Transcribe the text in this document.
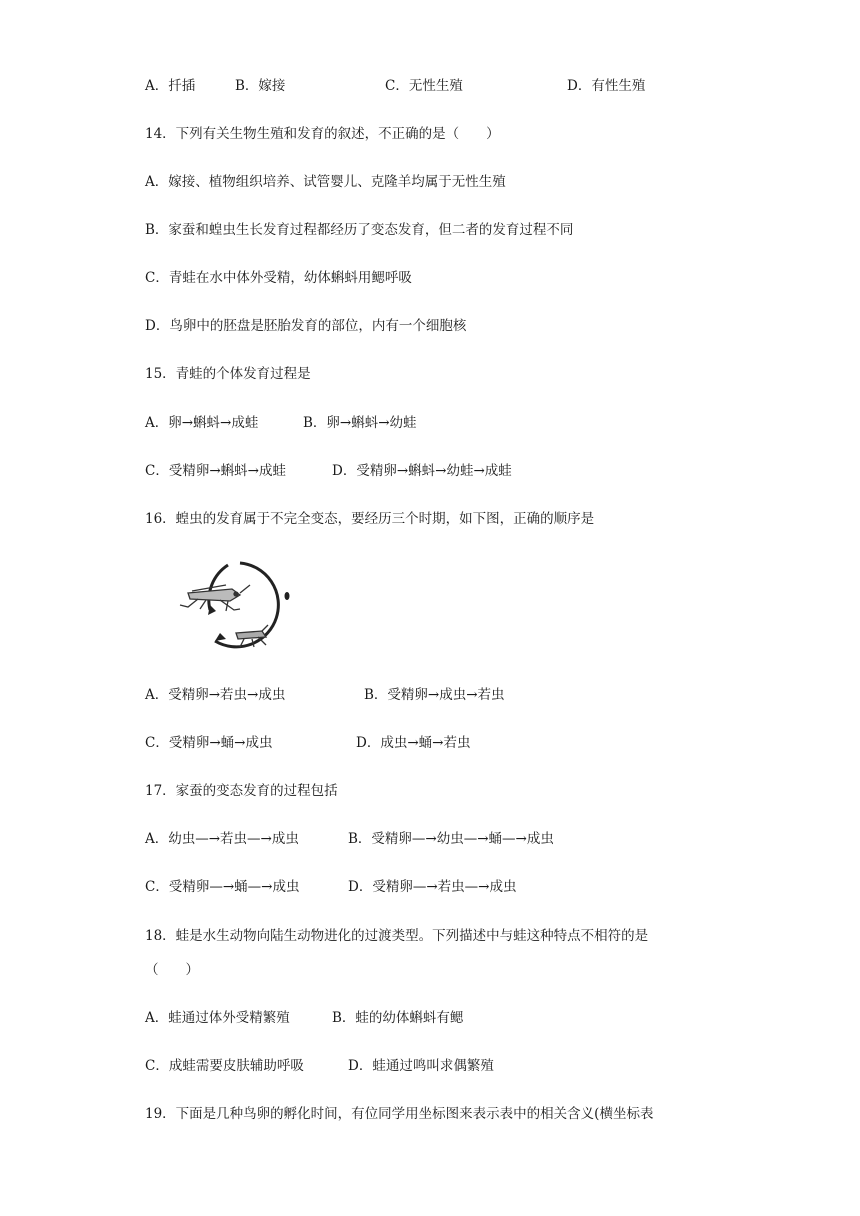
A．扦插	B．嫁接	C．无性生殖	D．有性生殖
14．下列有关生物生殖和发育的叙述，不正确的是（　　）
A．嫁接、植物组织培养、试管婴儿、克隆羊均属于无性生殖
B．家蚕和蝗虫生长发育过程都经历了变态发育，但二者的发育过程不同
C．青蛙在水中体外受精，幼体蝌蚪用鳃呼吸
D．鸟卵中的胚盘是胚胎发育的部位，内有一个细胞核
15．青蛙的个体发育过程是
A．卵→蝌蚪→成蛙	B．卵→蝌蚪→幼蛙
C．受精卵→蝌蚪→成蛙	D．受精卵→蝌蚪→幼蛙→成蛙
16．蝗虫的发育属于不完全变态，要经历三个时期，如下图，正确的顺序是
A．受精卵→若虫→成虫	B．受精卵→成虫→若虫
C．受精卵→蛹→成虫	D．成虫→蛹→若虫
17．家蚕的变态发育的过程包括
A．幼虫—→若虫—→成虫	B．受精卵—→幼虫—→蛹—→成虫
C．受精卵—→蛹—→成虫	D．受精卵—→若虫—→成虫
18．蛙是水生动物向陆生动物进化的过渡类型。下列描述中与蛙这种特点不相符的是
（　　）
A．蛙通过体外受精繁殖	B．蛙的幼体蝌蚪有鳃
C．成蛙需要皮肤辅助呼吸	D．蛙通过鸣叫求偶繁殖
19．下面是几种鸟卵的孵化时间，有位同学用坐标图来表示表中的相关含义(横坐标表
